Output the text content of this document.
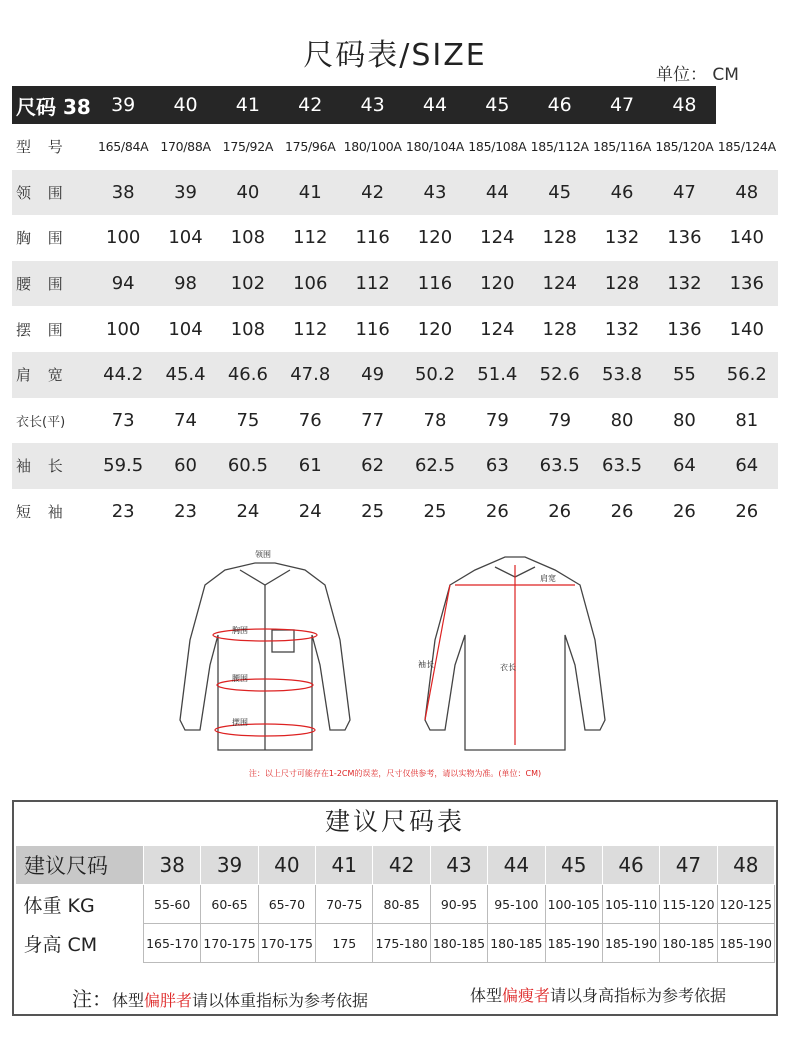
尺码表/SIZE
单位： CM
尺码 38	39	40	41	42	43	44	45	46	47	48	
型 号	165/84A	170/88A	175/92A	175/96A	180/100A	180/104A	185/108A	185/112A	185/116A	185/120A	185/124A
领 围	38	39	40	41	42	43	44	45	46	47	48
胸 围	100	104	108	112	116	120	124	128	132	136	140
腰 围	94	98	102	106	112	116	120	124	128	132	136
摆 围	100	104	108	112	116	120	124	128	132	136	140
肩 宽	44.2	45.4	46.6	47.8	49	50.2	51.4	52.6	53.8	55	56.2
衣长(平)	73	74	75	76	77	78	79	79	80	80	81
袖 长	59.5	60	60.5	61	62	62.5	63	63.5	63.5	64	64
短 袖	23	23	24	24	25	25	26	26	26	26	26
领围
胸围
腰围
摆围
肩宽
袖长	衣长
注：以上尺寸可能存在1-2CM的误差，尺寸仅供参考，请以实物为准。(单位：CM)
建议尺码表
建议尺码	38	39	40	41	42	43	44	45	46	47	48
体重 KG	55-60	60-65	65-70	70-75	80-85	90-95	95-100	100-105	105-110	115-120	120-125
身高 CM	165-170	170-175	170-175	175	175-180	180-185	180-185	185-190	185-190	180-185	185-190
注：体型偏胖者请以体重指标为参考依据	体型偏瘦者请以身高指标为参考依据
